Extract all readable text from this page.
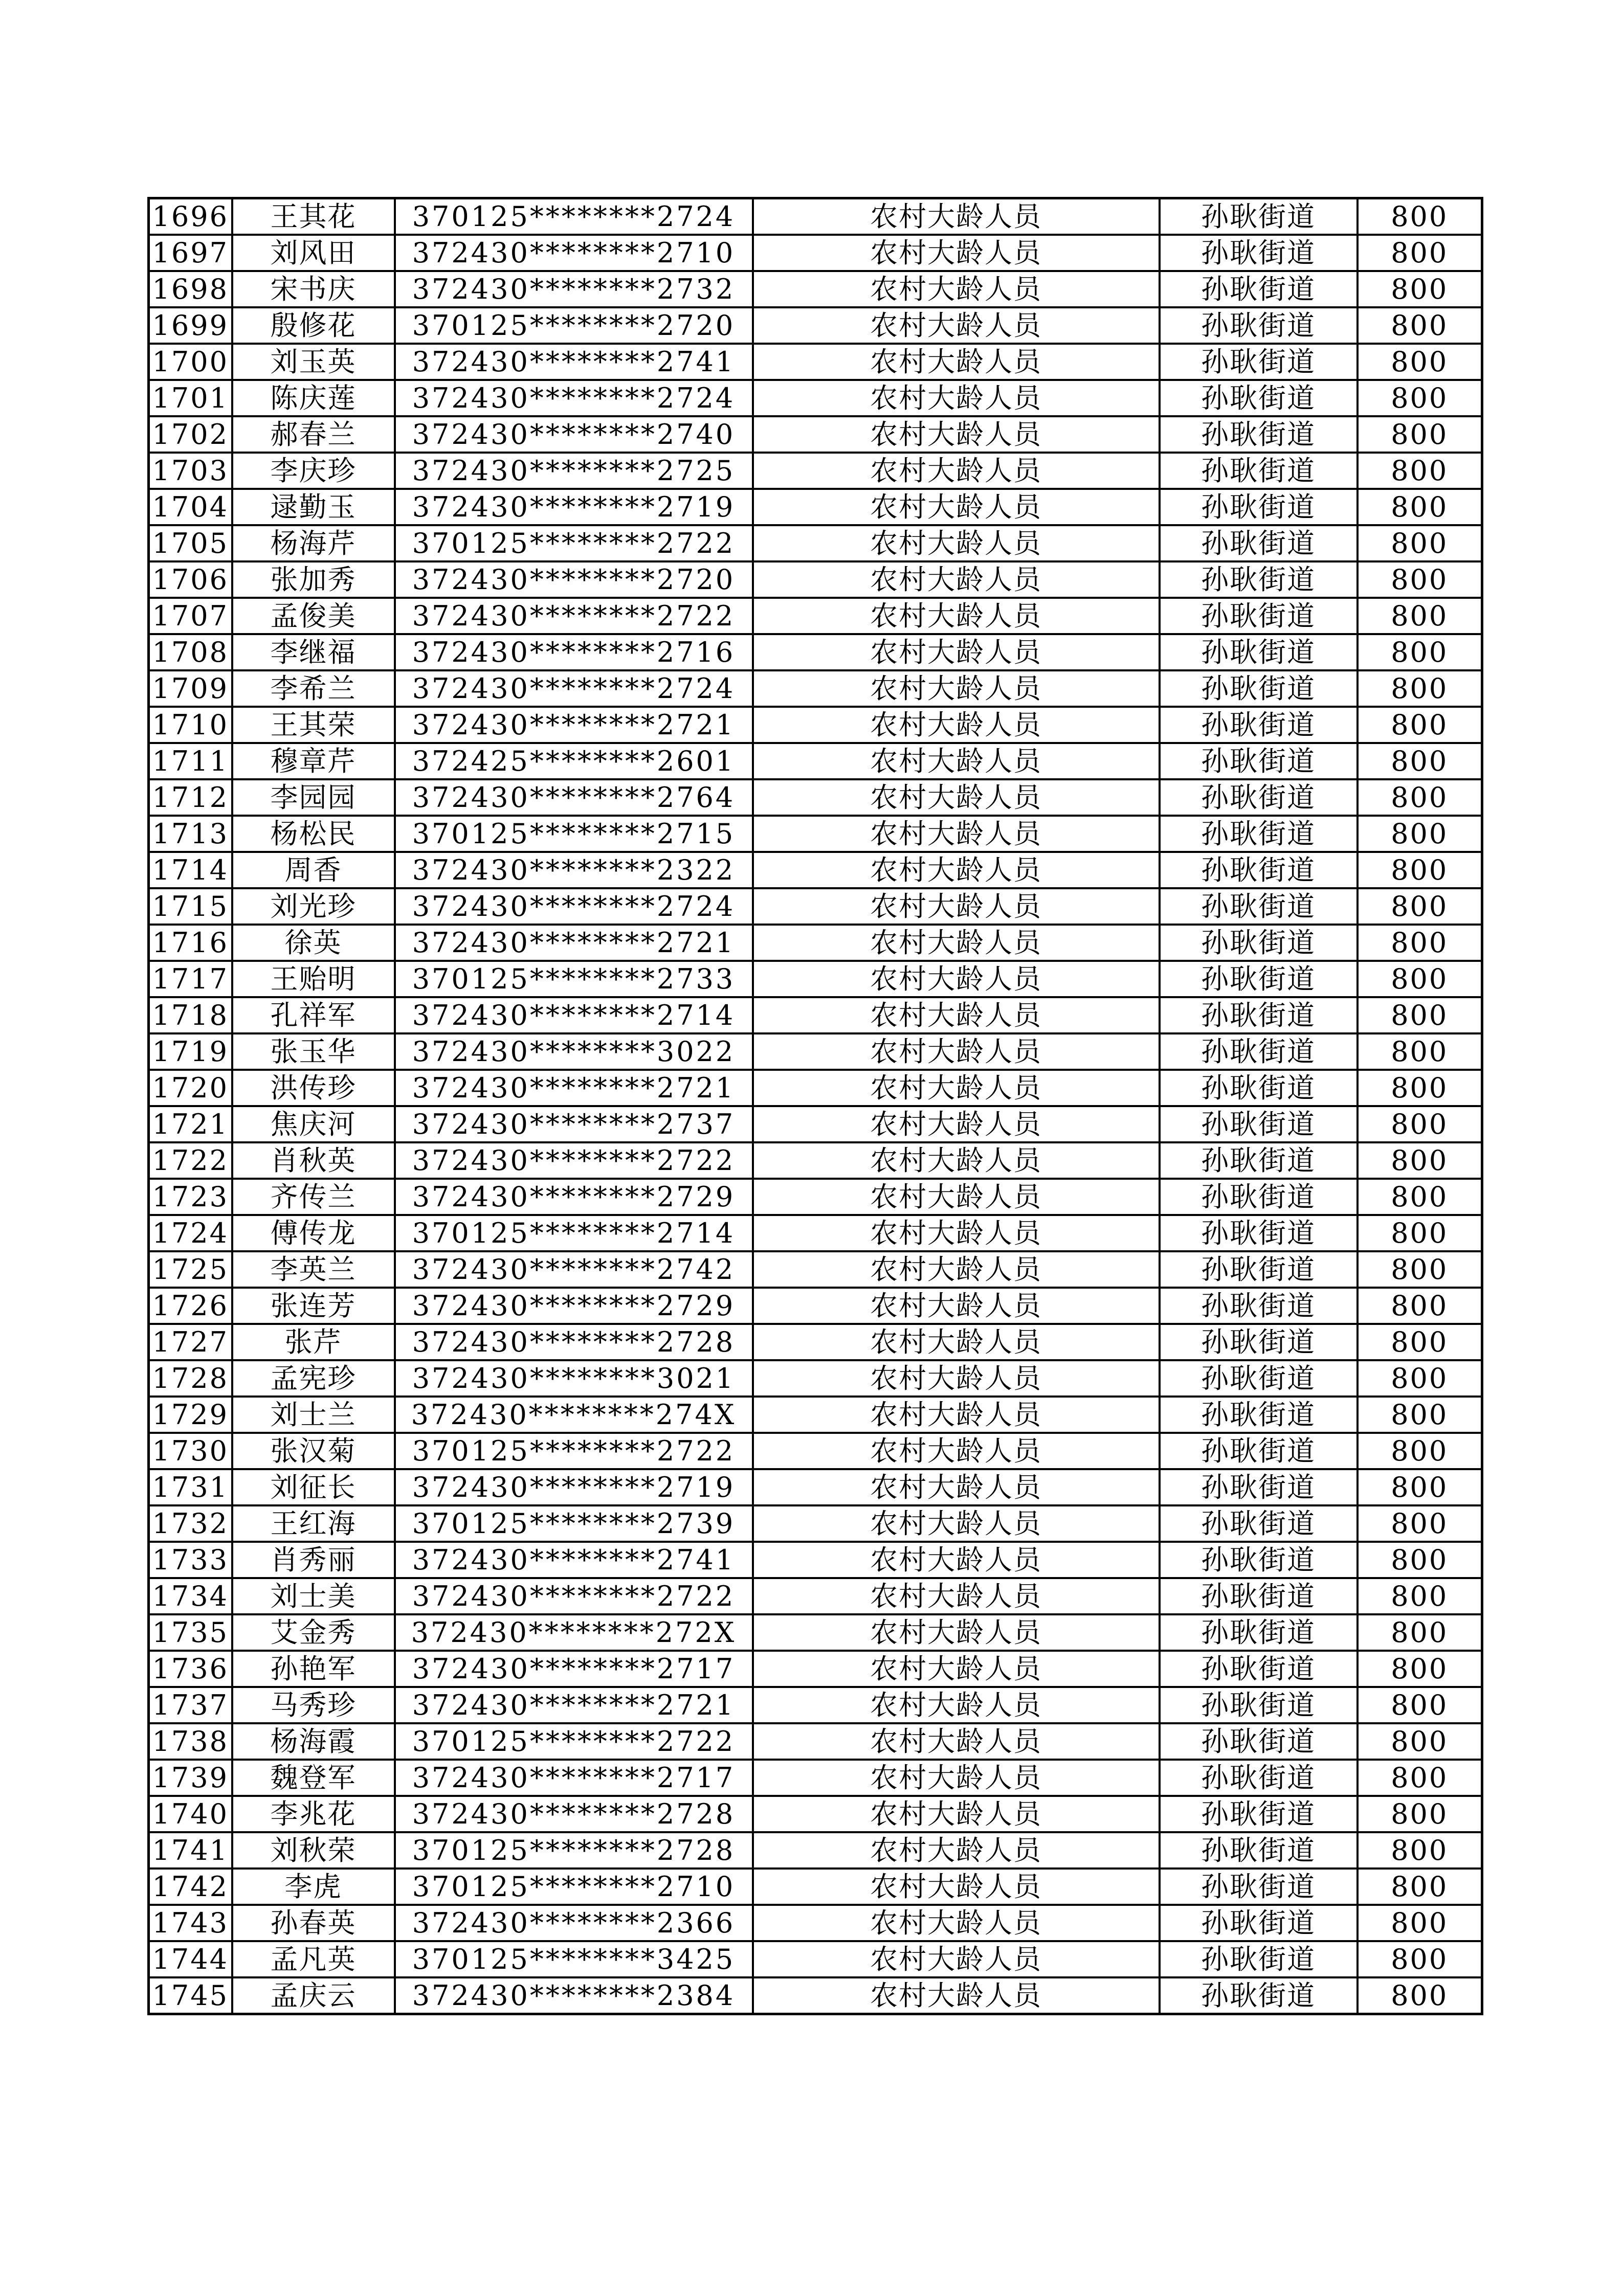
1696	王其花	370125********2724	农村大龄人员	孙耿街道	800
1697	刘风田	372430********2710	农村大龄人员	孙耿街道	800
1698	宋书庆	372430********2732	农村大龄人员	孙耿街道	800
1699	殷修花	370125********2720	农村大龄人员	孙耿街道	800
1700	刘玉英	372430********2741	农村大龄人员	孙耿街道	800
1701	陈庆莲	372430********2724	农村大龄人员	孙耿街道	800
1702	郝春兰	372430********2740	农村大龄人员	孙耿街道	800
1703	李庆珍	372430********2725	农村大龄人员	孙耿街道	800
1704	逯勤玉	372430********2719	农村大龄人员	孙耿街道	800
1705	杨海芹	370125********2722	农村大龄人员	孙耿街道	800
1706	张加秀	372430********2720	农村大龄人员	孙耿街道	800
1707	孟俊美	372430********2722	农村大龄人员	孙耿街道	800
1708	李继福	372430********2716	农村大龄人员	孙耿街道	800
1709	李希兰	372430********2724	农村大龄人员	孙耿街道	800
1710	王其荣	372430********2721	农村大龄人员	孙耿街道	800
1711	穆章芹	372425********2601	农村大龄人员	孙耿街道	800
1712	李园园	372430********2764	农村大龄人员	孙耿街道	800
1713	杨松民	370125********2715	农村大龄人员	孙耿街道	800
1714	周香	372430********2322	农村大龄人员	孙耿街道	800
1715	刘光珍	372430********2724	农村大龄人员	孙耿街道	800
1716	徐英	372430********2721	农村大龄人员	孙耿街道	800
1717	王贻明	370125********2733	农村大龄人员	孙耿街道	800
1718	孔祥军	372430********2714	农村大龄人员	孙耿街道	800
1719	张玉华	372430********3022	农村大龄人员	孙耿街道	800
1720	洪传珍	372430********2721	农村大龄人员	孙耿街道	800
1721	焦庆河	372430********2737	农村大龄人员	孙耿街道	800
1722	肖秋英	372430********2722	农村大龄人员	孙耿街道	800
1723	齐传兰	372430********2729	农村大龄人员	孙耿街道	800
1724	傅传龙	370125********2714	农村大龄人员	孙耿街道	800
1725	李英兰	372430********2742	农村大龄人员	孙耿街道	800
1726	张连芳	372430********2729	农村大龄人员	孙耿街道	800
1727	张芹	372430********2728	农村大龄人员	孙耿街道	800
1728	孟宪珍	372430********3021	农村大龄人员	孙耿街道	800
1729	刘士兰	372430********274X	农村大龄人员	孙耿街道	800
1730	张汉菊	370125********2722	农村大龄人员	孙耿街道	800
1731	刘征长	372430********2719	农村大龄人员	孙耿街道	800
1732	王红海	370125********2739	农村大龄人员	孙耿街道	800
1733	肖秀丽	372430********2741	农村大龄人员	孙耿街道	800
1734	刘士美	372430********2722	农村大龄人员	孙耿街道	800
1735	艾金秀	372430********272X	农村大龄人员	孙耿街道	800
1736	孙艳军	372430********2717	农村大龄人员	孙耿街道	800
1737	马秀珍	372430********2721	农村大龄人员	孙耿街道	800
1738	杨海霞	370125********2722	农村大龄人员	孙耿街道	800
1739	魏登军	372430********2717	农村大龄人员	孙耿街道	800
1740	李兆花	372430********2728	农村大龄人员	孙耿街道	800
1741	刘秋荣	370125********2728	农村大龄人员	孙耿街道	800
1742	李虎	370125********2710	农村大龄人员	孙耿街道	800
1743	孙春英	372430********2366	农村大龄人员	孙耿街道	800
1744	孟凡英	370125********3425	农村大龄人员	孙耿街道	800
1745	孟庆云	372430********2384	农村大龄人员	孙耿街道	800
